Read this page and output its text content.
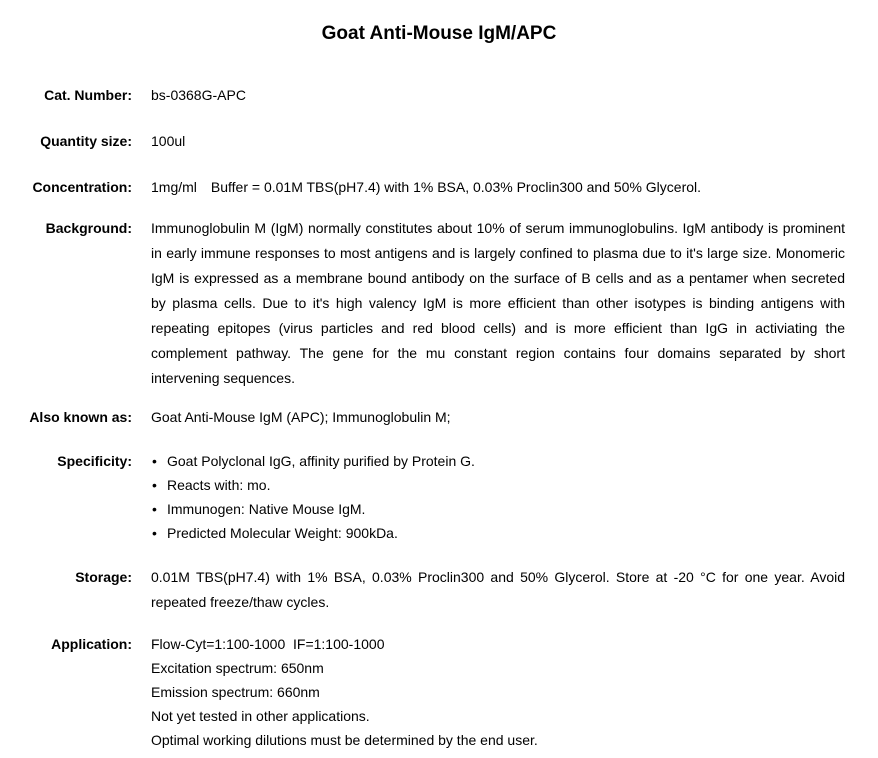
Goat Anti-Mouse IgM/APC
Cat. Number: bs-0368G-APC
Quantity size: 100ul
Concentration: 1mg/ml Buffer = 0.01M TBS(pH7.4) with 1% BSA, 0.03% Proclin300 and 50% Glycerol.
Background: Immunoglobulin M (IgM) normally constitutes about 10% of serum immunoglobulins. IgM antibody is prominent in early immune responses to most antigens and is largely confined to plasma due to it's large size. Monomeric IgM is expressed as a membrane bound antibody on the surface of B cells and as a pentamer when secreted by plasma cells. Due to it's high valency IgM is more efficient than other isotypes is binding antigens with repeating epitopes (virus particles and red blood cells) and is more efficient than IgG in activiating the complement pathway. The gene for the mu constant region contains four domains separated by short intervening sequences.
Also known as: Goat Anti-Mouse IgM (APC); Immunoglobulin M;
Specificity:	• Goat Polyclonal IgG, affinity purified by Protein G.
• Reacts with: mo.
• Immunogen: Native Mouse IgM.
• Predicted Molecular Weight: 900kDa.
Storage: 0.01M TBS(pH7.4) with 1% BSA, 0.03% Proclin300 and 50% Glycerol. Store at -20 °C for one year. Avoid repeated freeze/thaw cycles.
Application: Flow-Cyt=1:100-1000  IF=1:100-1000
Excitation spectrum: 650nm
Emission spectrum: 660nm
Not yet tested in other applications.
Optimal working dilutions must be determined by the end user.
